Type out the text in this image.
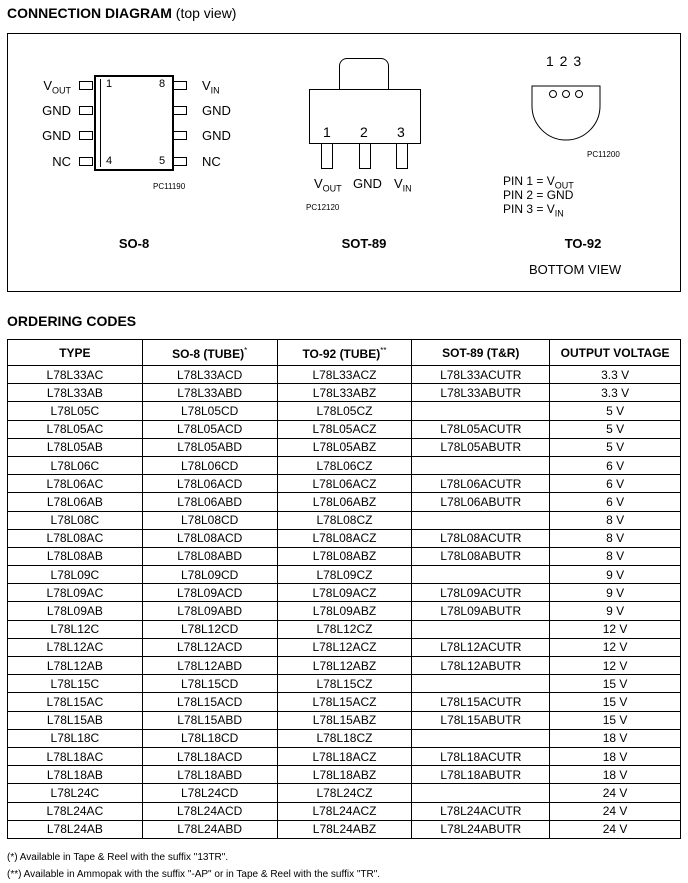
CONNECTION DIAGRAM (top view)
1	8
4	5
$V_{OUT}$
GND
GND
NC
$V_{IN}$
GND
GND
NC
PC11190
SO-8
1 2 3
$V_{OUT}$ GND $V_{IN}$
PC12120
SOT-89
1 2 3
PC11200
PIN $1 = V_{OUT}$
PIN 2 = GND
PIN $3 = V_{IN}$
TO-92
BOTTOM VIEW
ORDERING CODES
TYPE	SO-8 (TUBE)*	TO-92 (TUBE)**	SOT-89 (T&R)	OUTPUT VOLTAGE
L78L33AC	L78L33ACD	L78L33ACZ	L78L33ACUTR	3.3 V
L78L33AB	L78L33ABD	L78L33ABZ	L78L33ABUTR	3.3 V
L78L05C	L78L05CD	L78L05CZ		5 V
L78L05AC	L78L05ACD	L78L05ACZ	L78L05ACUTR	5 V
L78L05AB	L78L05ABD	L78L05ABZ	L78L05ABUTR	5 V
L78L06C	L78L06CD	L78L06CZ		6 V
L78L06AC	L78L06ACD	L78L06ACZ	L78L06ACUTR	6 V
L78L06AB	L78L06ABD	L78L06ABZ	L78L06ABUTR	6 V
L78L08C	L78L08CD	L78L08CZ		8 V
L78L08AC	L78L08ACD	L78L08ACZ	L78L08ACUTR	8 V
L78L08AB	L78L08ABD	L78L08ABZ	L78L08ABUTR	8 V
L78L09C	L78L09CD	L78L09CZ		9 V
L78L09AC	L78L09ACD	L78L09ACZ	L78L09ACUTR	9 V
L78L09AB	L78L09ABD	L78L09ABZ	L78L09ABUTR	9 V
L78L12C	L78L12CD	L78L12CZ		12 V
L78L12AC	L78L12ACD	L78L12ACZ	L78L12ACUTR	12 V
L78L12AB	L78L12ABD	L78L12ABZ	L78L12ABUTR	12 V
L78L15C	L78L15CD	L78L15CZ		15 V
L78L15AC	L78L15ACD	L78L15ACZ	L78L15ACUTR	15 V
L78L15AB	L78L15ABD	L78L15ABZ	L78L15ABUTR	15 V
L78L18C	L78L18CD	L78L18CZ		18 V
L78L18AC	L78L18ACD	L78L18ACZ	L78L18ACUTR	18 V
L78L18AB	L78L18ABD	L78L18ABZ	L78L18ABUTR	18 V
L78L24C	L78L24CD	L78L24CZ		24 V
L78L24AC	L78L24ACD	L78L24ACZ	L78L24ACUTR	24 V
L78L24AB	L78L24ABD	L78L24ABZ	L78L24ABUTR	24 V
(*) Available in Tape & Reel with the suffix "13TR".
(**) Available in Ammopak with the suffix "-AP" or in Tape & Reel with the suffix "TR".
